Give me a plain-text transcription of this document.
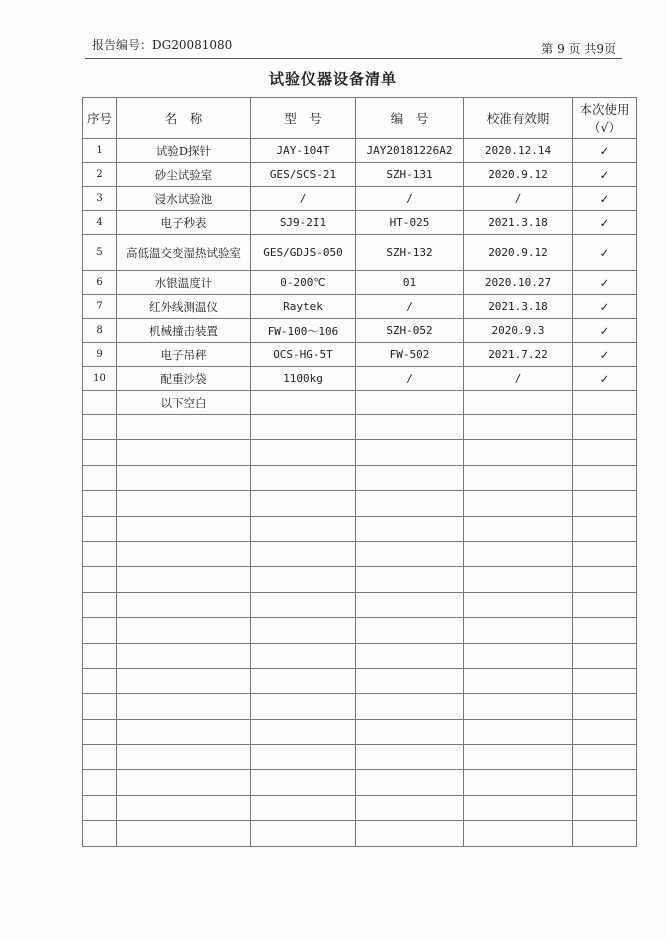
报告编号：DG20081080	第 9 页 共9页
试验仪器设备清单
序号	名　称	型　号	编　号	校准有效期	本次使用
（√）

1	试验D探针	JAY-104T	JAY20181226A2	2020.12.14	✓
2	砂尘试验室	GES/SCS-21	SZH-131	2020.9.12	✓
3	浸水试验池	/	/	/	✓
4	电子秒表	SJ9-2I1	HT-025	2021.3.18	✓
5	高低温交变湿热试验室	GES/GDJS-050	SZH-132	2020.9.12	✓
6	水银温度计	0-200℃	01	2020.10.27	✓
7	红外线测温仪	Raytek	/	2021.3.18	✓
8	机械撞击装置	FW-100～106	SZH-052	2020.9.3	✓
9	电子吊秤	OCS-HG-5T	FW-502	2021.7.22	✓
10	配重沙袋	1100kg	/	/	✓
	以下空白				
